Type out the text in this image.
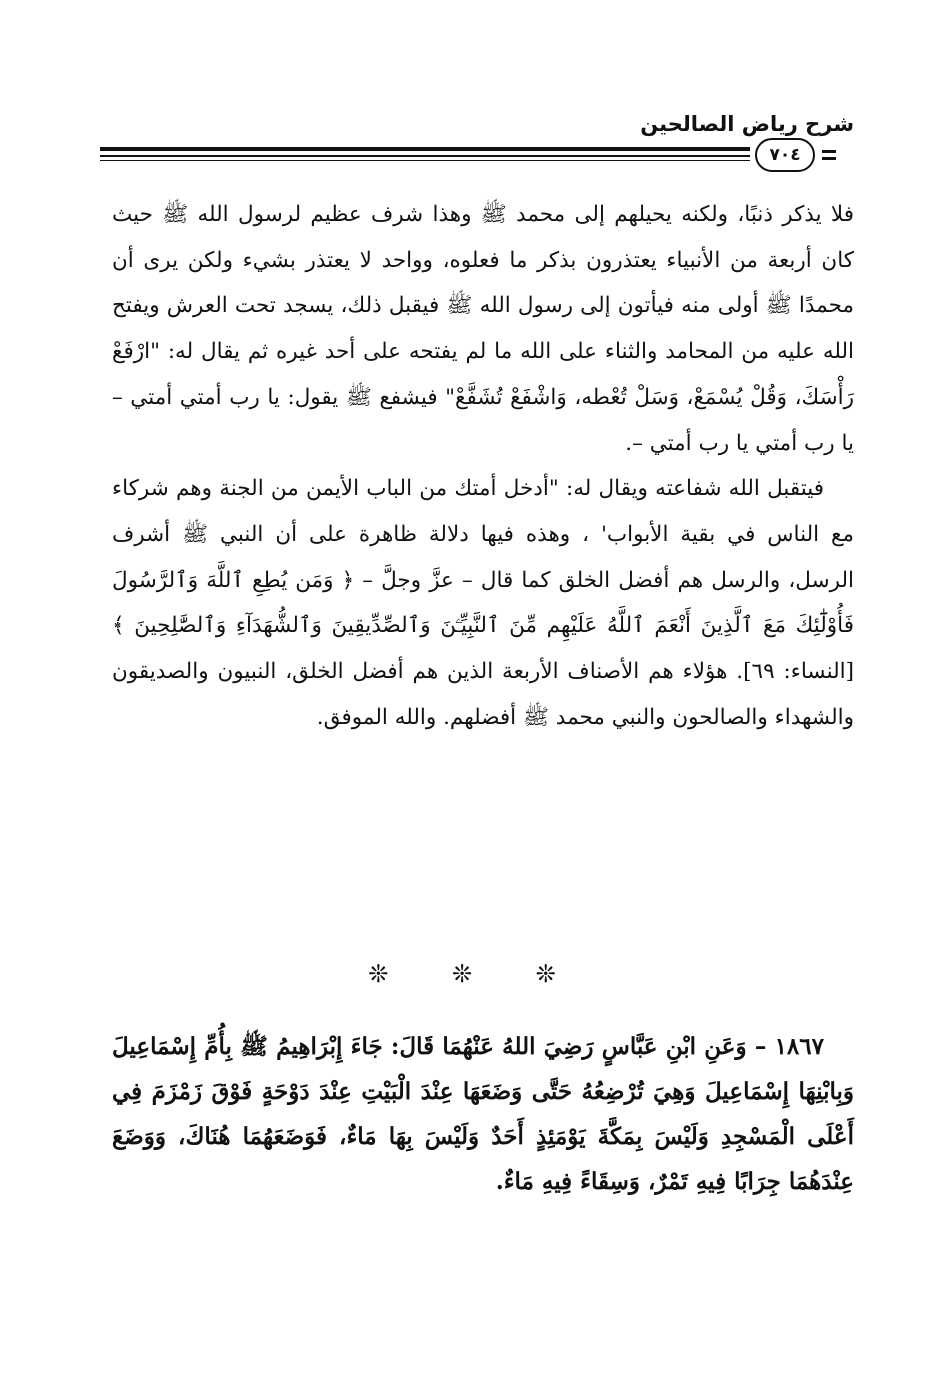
شرح رياض الصالحين
٧٠٤

فلا يذكر ذنبًا، ولكنه يحيلهم إلى محمد ﷺ وهذا شرف عظيم لرسول الله ﷺ حيث كان أربعة من الأنبياء يعتذرون بذكر ما فعلوه، وواحد لا يعتذر بشيء ولكن يرى أن محمدًا ﷺ أولى منه فيأتون إلى رسول الله ﷺ فيقبل ذلك، يسجد تحت العرش ويفتح الله عليه من المحامد والثناء على الله ما لم يفتحه على أحد غيره ثم يقال له: "ارْفَعْ رَأْسَكَ، وَقُلْ يُسْمَعْ، وَسَلْ تُعْطه، وَاشْفَعْ تُشَفَّعْ" فيشفع ﷺ يقول: يا رب أمتي أمتي – يا رب أمتي يا رب أمتي –.

فيتقبل الله شفاعته ويقال له: "أدخل أمتك من الباب الأيمن من الجنة وهم شركاء مع الناس في بقية الأبواب' ، وهذه فيها دلالة ظاهرة على أن النبي ﷺ أشرف الرسل، والرسل هم أفضل الخلق كما قال – عزَّ وجلَّ – ﴿ وَمَن يُطِعِ ٱللَّهَ وَٱلرَّسُولَ فَأُوْلَٰٓئِكَ مَعَ ٱلَّذِينَ أَنْعَمَ ٱللَّهُ عَلَيْهِم مِّنَ ٱلنَّبِيِّـۧنَ وَٱلصِّدِّيقِينَ وَٱلشُّهَدَآءِ وَٱلصَّٰلِحِينَ ﴾ [النساء: ٦٩]. هؤلاء هم الأصناف الأربعة الذين هم أفضل الخلق، النبيون والصديقون والشهداء والصالحون والنبي محمد ﷺ أفضلهم. والله الموفق.

❊ ❊ ❊

١٨٦٧ – وَعَنِ ابْنِ عَبَّاسٍ رَضِيَ اللهُ عَنْهُمَا قَالَ: جَاءَ إِبْرَاهِيمُ ﷺ بِأُمِّ إِسْمَاعِيلَ وَبِابْنِهَا إِسْمَاعِيلَ وَهِيَ تُرْضِعُهُ حَتَّى وَضَعَهَا عِنْدَ الْبَيْتِ عِنْدَ دَوْحَةٍ فَوْقَ زَمْزَمَ فِي أَعْلَى الْمَسْجِدِ وَلَيْسَ بِمَكَّةَ يَوْمَئِذٍ أَحَدٌ وَلَيْسَ بِهَا مَاءٌ، فَوَضَعَهُمَا هُنَاكَ، وَوَضَعَ عِنْدَهُمَا جِرَابًا فِيهِ تَمْرٌ، وَسِقَاءً فِيهِ مَاءٌ.
